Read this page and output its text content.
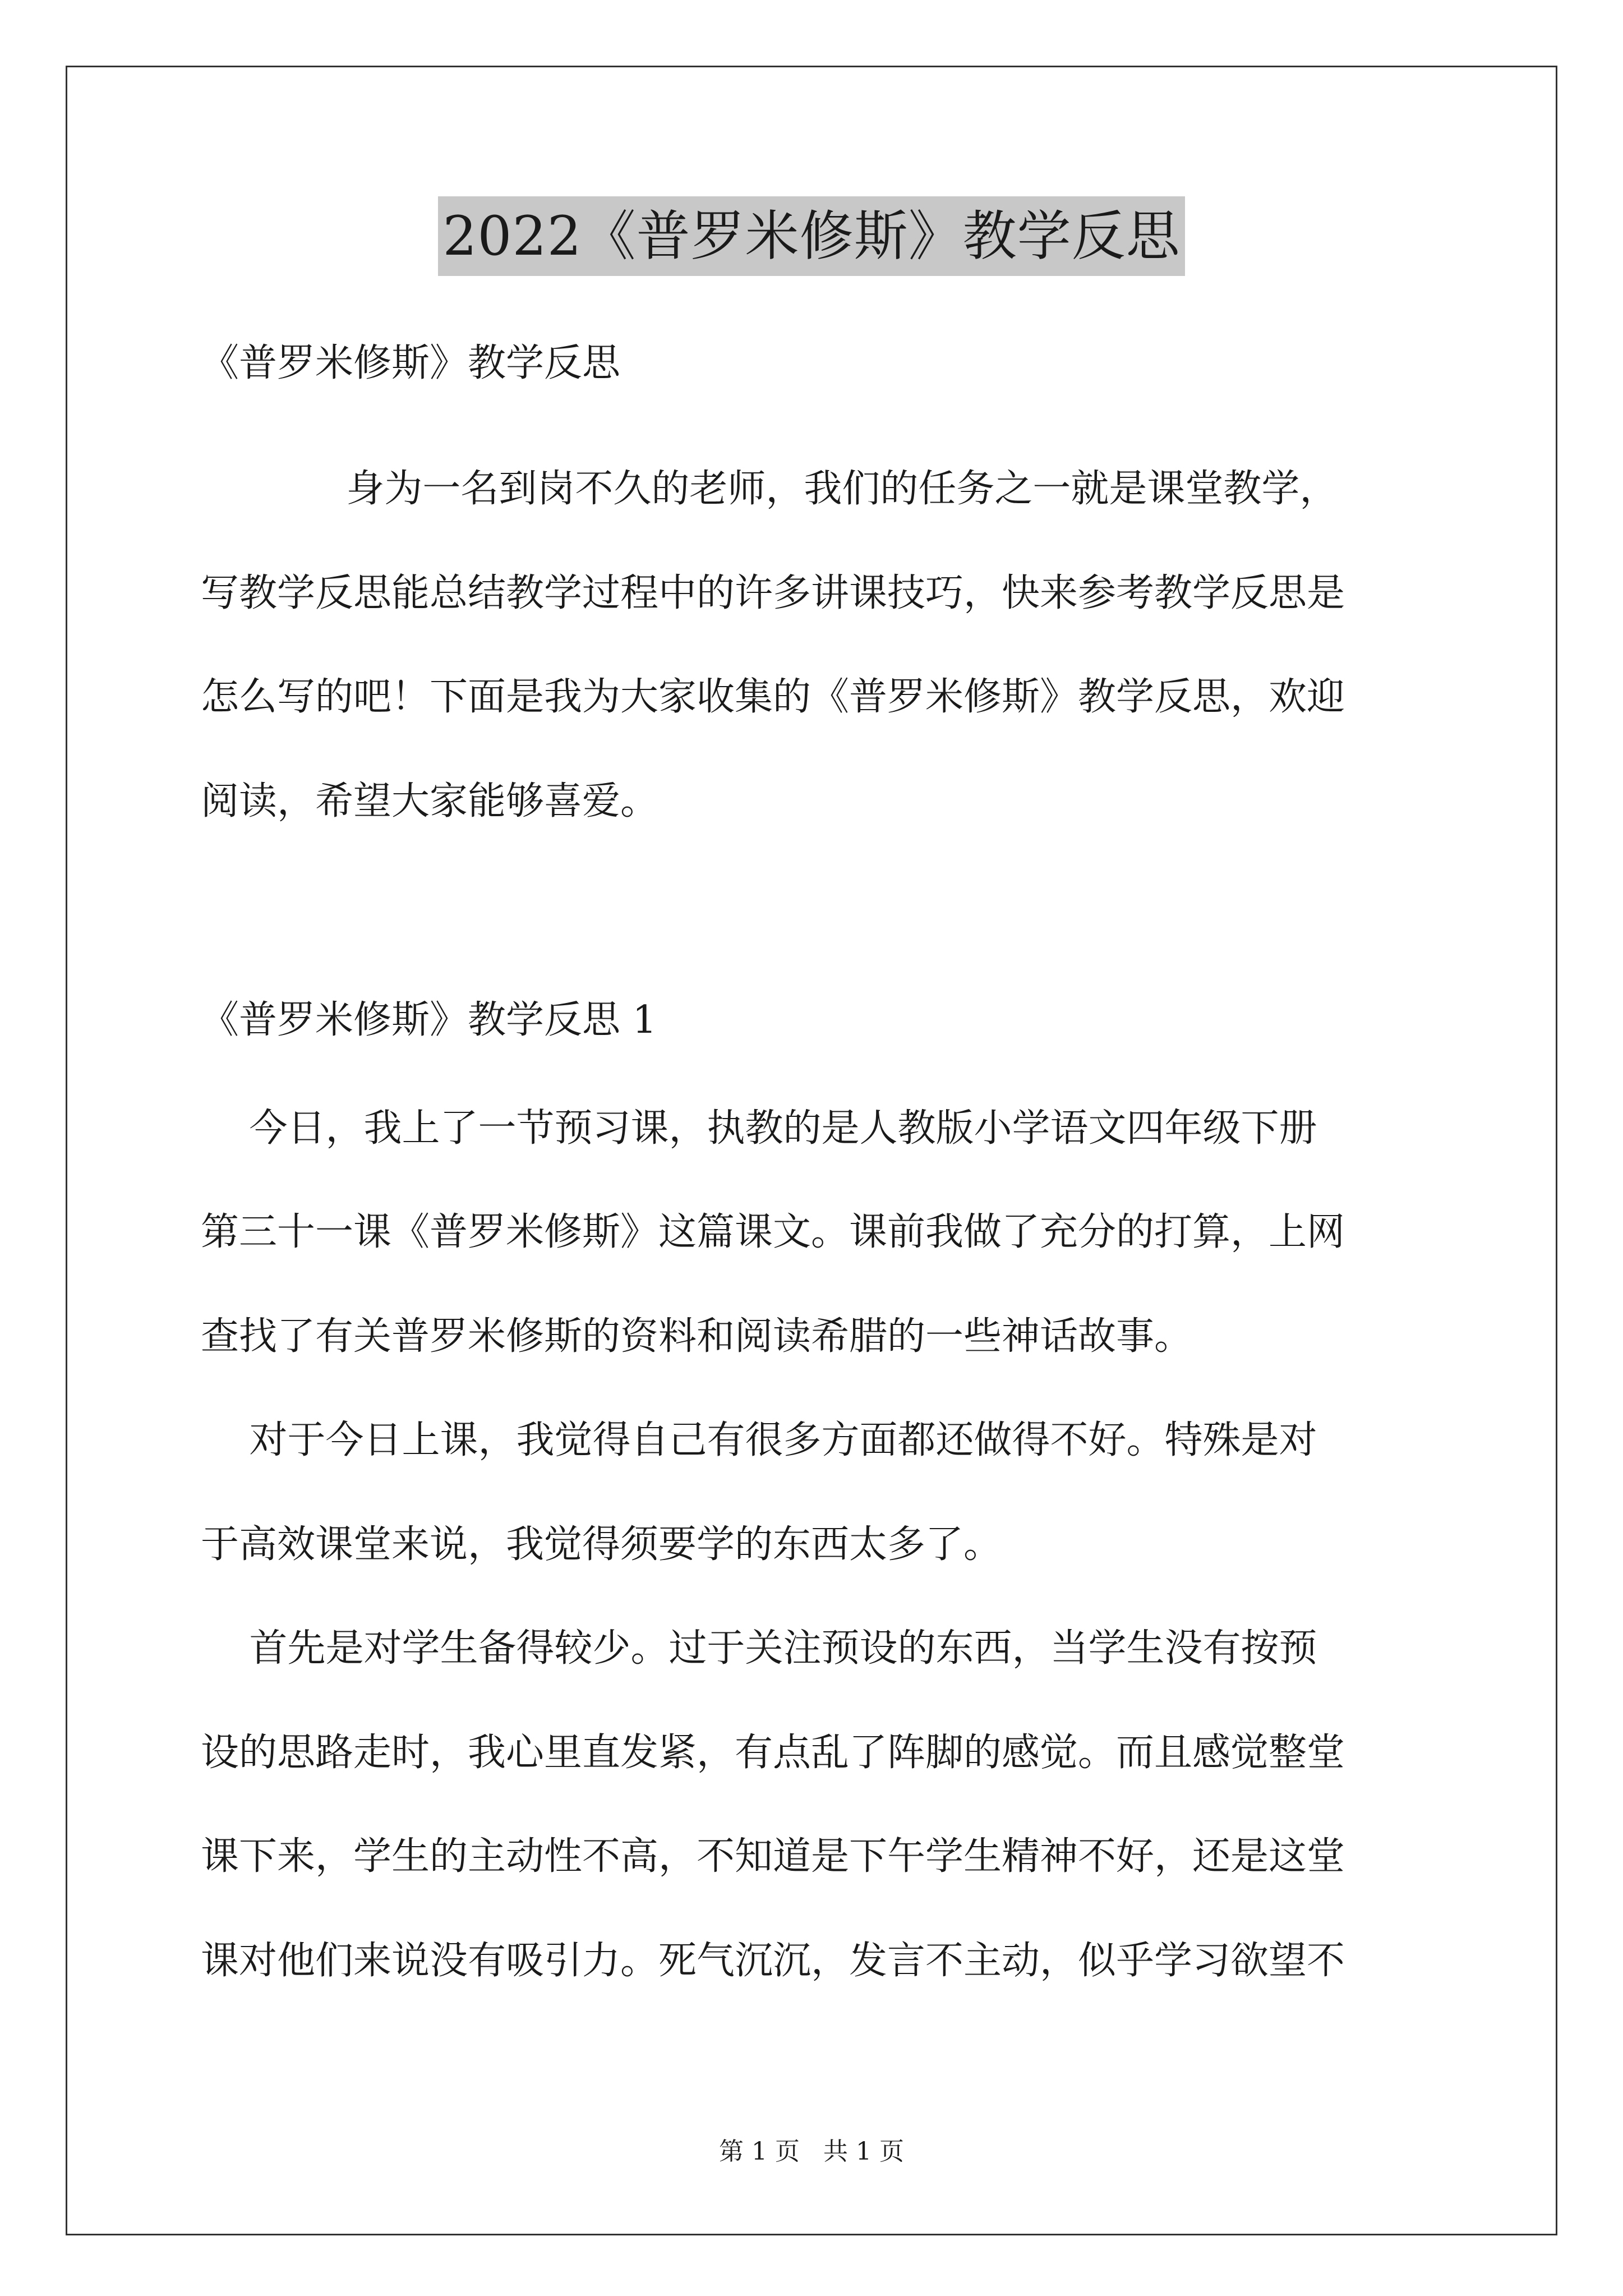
2022《普罗米修斯》教学反思
《普罗米修斯》教学反思
身为一名到岗不久的老师，我们的任务之一就是课堂教学，
写教学反思能总结教学过程中的许多讲课技巧，快来参考教学反思是
怎么写的吧！下面是我为大家收集的《普罗米修斯》教学反思，欢迎
阅读，希望大家能够喜爱。
《普罗米修斯》教学反思 1
今日，我上了一节预习课，执教的是人教版小学语文四年级下册
第三十一课《普罗米修斯》这篇课文。课前我做了充分的打算，上网
查找了有关普罗米修斯的资料和阅读希腊的一些神话故事。
对于今日上课，我觉得自己有很多方面都还做得不好。特殊是对
于高效课堂来说，我觉得须要学的东西太多了。
首先是对学生备得较少。过于关注预设的东西，当学生没有按预
设的思路走时，我心里直发紧，有点乱了阵脚的感觉。而且感觉整堂
课下来，学生的主动性不高，不知道是下午学生精神不好，还是这堂
课对他们来说没有吸引力。死气沉沉，发言不主动，似乎学习欲望不
第 1 页   共 1 页
